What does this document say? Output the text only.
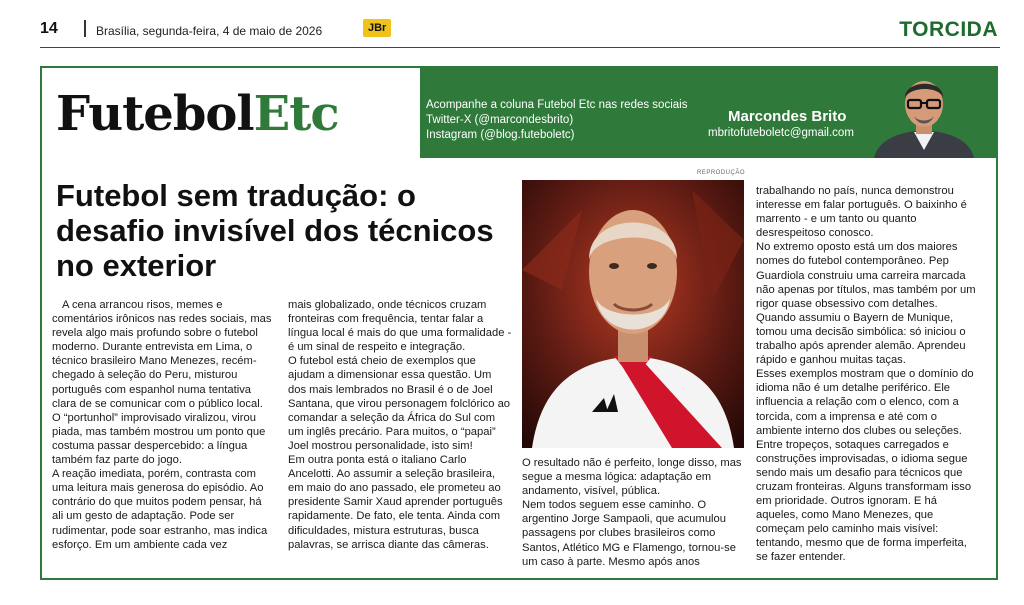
14	Brasília, segunda-feira, 4 de maio de 2026	JBr	TORCIDA
FutebolEtc	Acompanhe a coluna Futebol Etc nas redes sociais
Twitter-X (@marcondesbrito)
Instagram (@blog.futeboletc)
Marcondes Brito
mbritofuteboletc@gmail.com
Futebol sem tradução: o desafio invisível dos técnicos no exterior

A cena arrancou risos, memes e comentários irônicos nas redes sociais, mas revela algo mais profundo sobre o futebol moderno. Durante entrevista em Lima, o técnico brasileiro Mano Menezes, recém-chegado à seleção do Peru, misturou português com espanhol numa tentativa clara de se comunicar com o público local. O “portunhol” improvisado viralizou, virou piada, mas também mostrou um ponto que costuma passar despercebido: a língua também faz parte do jogo.

A reação imediata, porém, contrasta com uma leitura mais generosa do episódio. Ao contrário do que muitos podem pensar, há ali um gesto de adaptação. Pode ser rudimentar, pode soar estranho, mas indica esforço. Em um ambiente cada vez

mais globalizado, onde técnicos cruzam fronteiras com frequência, tentar falar a língua local é mais do que uma formalidade - é um sinal de respeito e integração.

O futebol está cheio de exemplos que ajudam a dimensionar essa questão. Um dos mais lembrados no Brasil é o de Joel Santana, que virou personagem folclórico ao comandar a seleção da África do Sul com um inglês precário. Para muitos, o “papai” Joel mostrou personalidade, isto sim!

Em outra ponta está o italiano Carlo Ancelotti. Ao assumir a seleção brasileira, em maio do ano passado, ele prometeu ao presidente Samir Xaud aprender português rapidamente. De fato, ele tenta. Ainda com dificuldades, mistura estruturas, busca palavras, se arrisca diante das câmeras.

REPRODUÇÃO

O resultado não é perfeito, longe disso, mas segue a mesma lógica: adaptação em andamento, visível, pública.

Nem todos seguem esse caminho. O argentino Jorge Sampaoli, que acumulou passagens por clubes brasileiros como Santos, Atlético MG e Flamengo, tornou-se um caso à parte. Mesmo após anos

trabalhando no país, nunca demonstrou interesse em falar português. O baixinho é marrento - e um tanto ou quanto desrespeitoso conosco.

No extremo oposto está um dos maiores nomes do futebol contemporâneo. Pep Guardiola construiu uma carreira marcada não apenas por títulos, mas também por um rigor quase obsessivo com detalhes. Quando assumiu o Bayern de Munique, tomou uma decisão simbólica: só iniciou o trabalho após aprender alemão. Aprendeu rápido e ganhou muitas taças.

Esses exemplos mostram que o domínio do idioma não é um detalhe periférico. Ele influencia a relação com o elenco, com a torcida, com a imprensa e até com o ambiente interno dos clubes ou seleções.

Entre tropeços, sotaques carregados e construções improvisadas, o idioma segue sendo mais um desafio para técnicos que cruzam fronteiras. Alguns transformam isso em prioridade. Outros ignoram. E há aqueles, como Mano Menezes, que começam pelo caminho mais visível: tentando, mesmo que de forma imperfeita, se fazer entender.
